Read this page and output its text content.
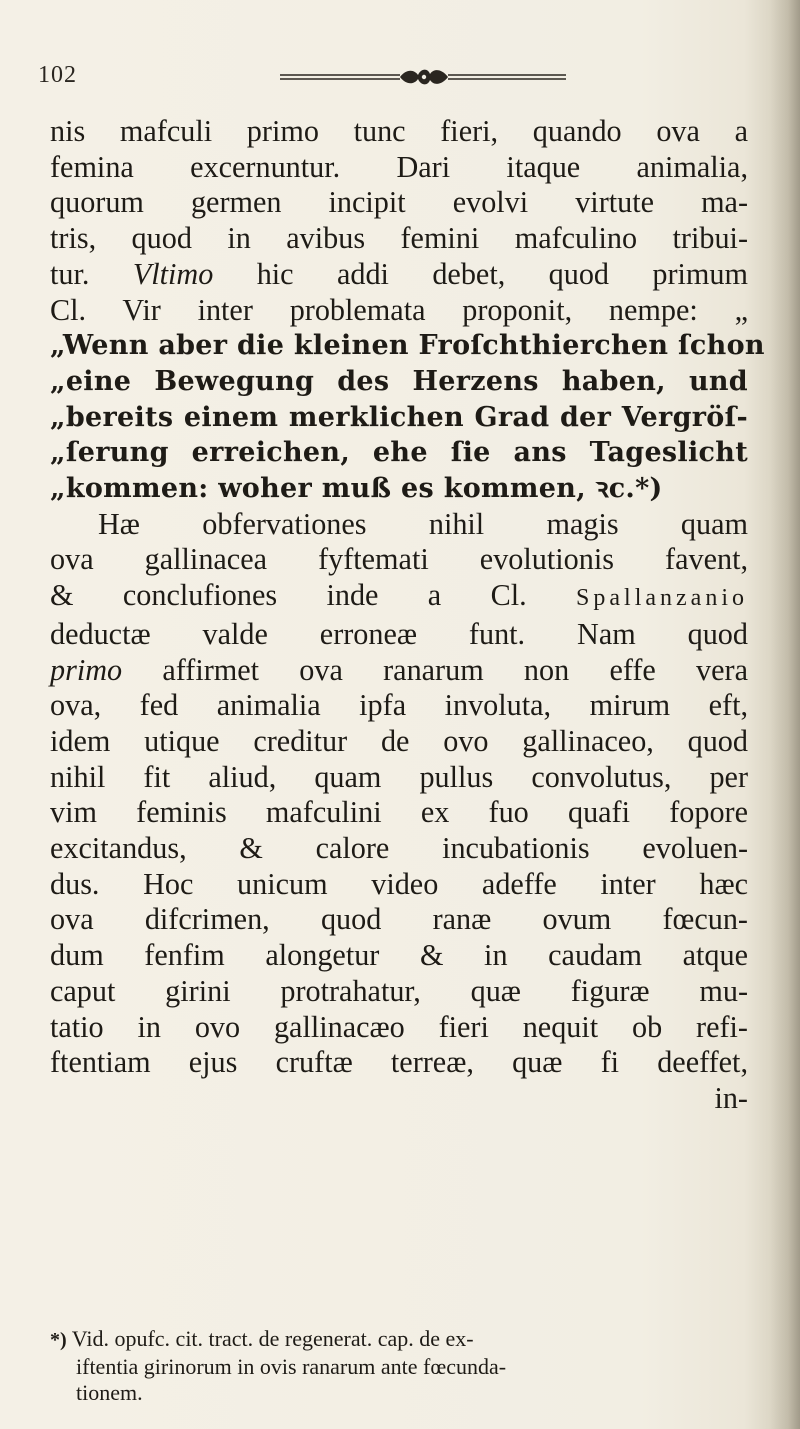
102
nis mafculi primo tunc fieri, quando ova a
femina excernuntur. Dari itaque animalia,
quorum germen incipit evolvi virtute ma-
tris, quod in avibus femini mafculino tribui-
tur. Vltimo hic addi debet, quod primum
Cl. Vir inter problemata proponit, nempe: „
„Wenn aber die kleinen Froſchthierchen ſchon
„eine Bewegung des Herzens haben, und
„bereits einem merklichen Grad der Vergröſ-
„ſerung erreichen, ehe ſie ans Tageslicht
„kommen: woher muß es kommen, ꝛc.*)
Hæ obfervationes nihil magis quam
ova gallinacea fyftemati evolutionis favent,
& conclufiones inde a Cl. Spallanzanio
deductæ valde erroneæ funt. Nam quod
primo affirmet ova ranarum non effe vera
ova, fed animalia ipfa involuta, mirum eft,
idem utique creditur de ovo gallinaceo, quod
nihil fit aliud, quam pullus convolutus, per
vim feminis mafculini ex fuo quafi fopore
excitandus, & calore incubationis evoluen-
dus. Hoc unicum video adeffe inter hæc
ova difcrimen, quod ranæ ovum fœcun-
dum fenfim alongetur & in caudam atque
caput girini protrahatur, quæ figuræ mu-
tatio in ovo gallinacæo fieri nequit ob refi-
ftentiam ejus cruftæ terreæ, quæ fi deeffet,
in-
*) Vid. opufc. cit. tract. de regenerat. cap. de ex-
iftentia girinorum in ovis ranarum ante fœcunda-
tionem.
